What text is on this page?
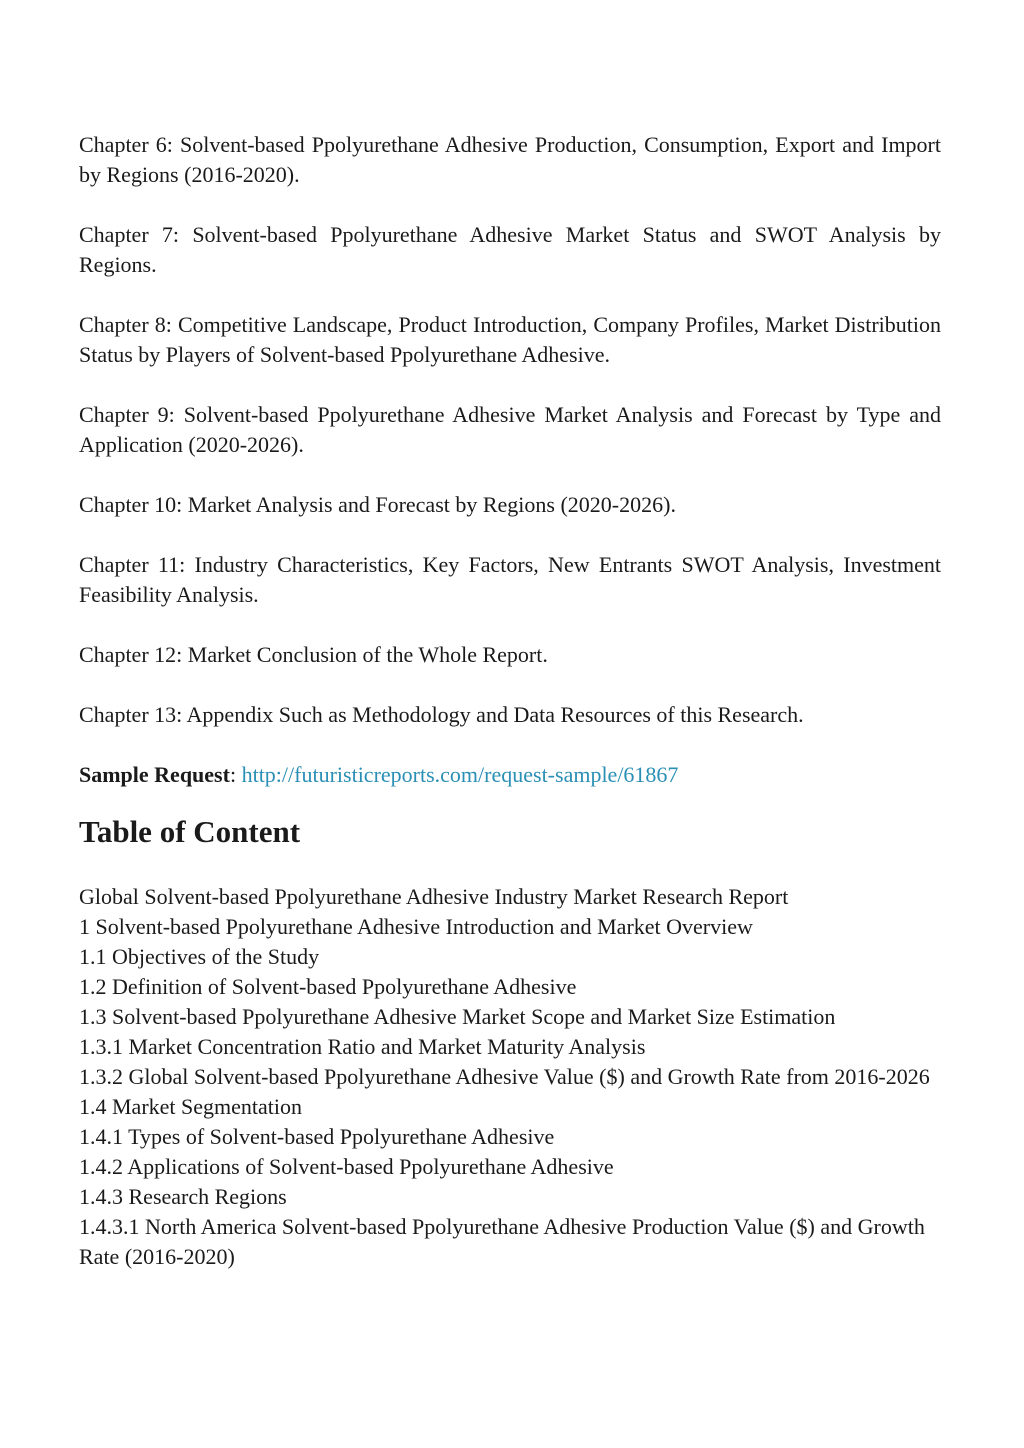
Chapter 6: Solvent-based Ppolyurethane Adhesive Production, Consumption, Export and Import by Regions (2016-2020).

Chapter 7: Solvent-based Ppolyurethane Adhesive Market Status and SWOT Analysis by Regions.

Chapter 8: Competitive Landscape, Product Introduction, Company Profiles, Market Distribution Status by Players of Solvent-based Ppolyurethane Adhesive.

Chapter 9: Solvent-based Ppolyurethane Adhesive Market Analysis and Forecast by Type and Application (2020-2026).

Chapter 10: Market Analysis and Forecast by Regions (2020-2026).

Chapter 11: Industry Characteristics, Key Factors, New Entrants SWOT Analysis, Investment Feasibility Analysis.

Chapter 12: Market Conclusion of the Whole Report.

Chapter 13: Appendix Such as Methodology and Data Resources of this Research.

Sample Request: http://futuristicreports.com/request-sample/61867

Table of Content

Global Solvent-based Ppolyurethane Adhesive Industry Market Research Report

1 Solvent-based Ppolyurethane Adhesive Introduction and Market Overview

1.1 Objectives of the Study

1.2 Definition of Solvent-based Ppolyurethane Adhesive

1.3 Solvent-based Ppolyurethane Adhesive Market Scope and Market Size Estimation

1.3.1 Market Concentration Ratio and Market Maturity Analysis

1.3.2 Global Solvent-based Ppolyurethane Adhesive Value ($) and Growth Rate from 2016-2026

1.4 Market Segmentation

1.4.1 Types of Solvent-based Ppolyurethane Adhesive

1.4.2 Applications of Solvent-based Ppolyurethane Adhesive

1.4.3 Research Regions

1.4.3.1 North America Solvent-based Ppolyurethane Adhesive Production Value ($) and Growth Rate (2016-2020)
